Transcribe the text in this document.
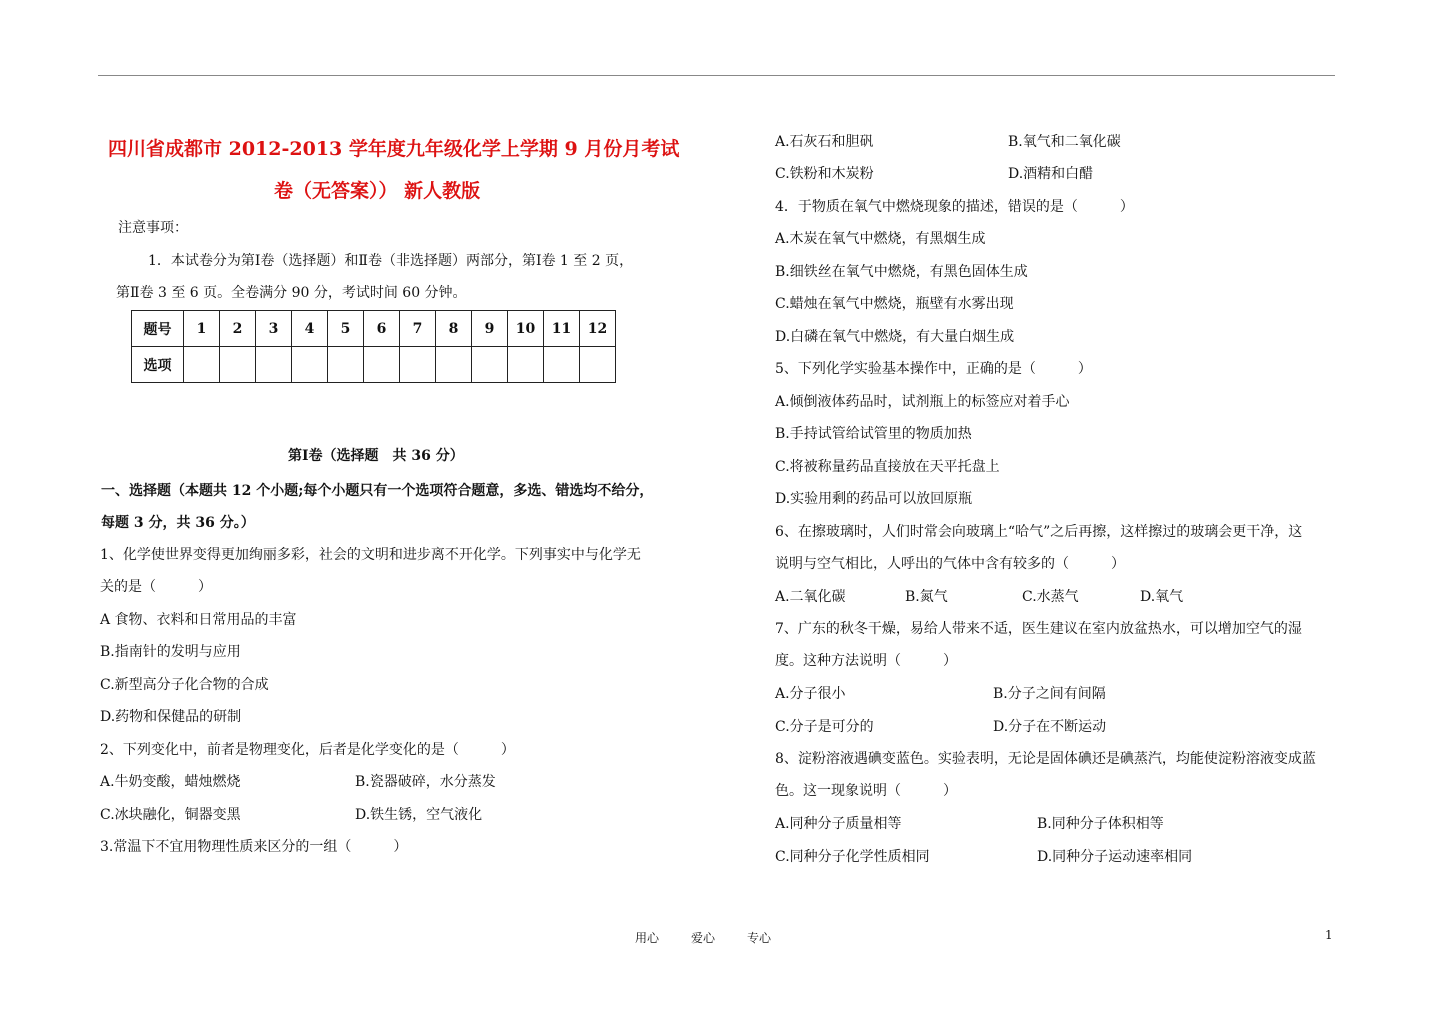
四川省成都市 2012-2013 学年度九年级化学上学期 9 月份月考试
卷（无答案）） 新人教版
注意事项：
1．本试卷分为第Ⅰ卷（选择题）和Ⅱ卷（非选择题）两部分，第Ⅰ卷 1 至 2 页，
第Ⅱ卷 3 至 6 页。全卷满分 90 分，考试时间 60 分钟。
题号	1	2	3	4	5	6	7	8	9	10	11	12
选项												
第Ⅰ卷（选择题　共 36 分）
一、选择题（本题共 12 个小题;每个小题只有一个选项符合题意，多选、错选均不给分，
每题 3 分，共 36 分。）
1、化学使世界变得更加绚丽多彩，社会的文明和进步离不开化学。下列事实中与化学无
关的是（　　　）
A 食物、衣料和日常用品的丰富
B.指南针的发明与应用
C.新型高分子化合物的合成
D.药物和保健品的研制
2、下列变化中，前者是物理变化，后者是化学变化的是（　　　）
A.牛奶变酸，蜡烛燃烧	B.瓷器破碎，水分蒸发
C.冰块融化，铜器变黑	D.铁生锈，空气液化
3.常温下不宜用物理性质来区分的一组（　　　）
A.石灰石和胆矾	B.氧气和二氧化碳
C.铁粉和木炭粉	D.酒精和白醋
4．于物质在氧气中燃烧现象的描述，错误的是（　　　）
A.木炭在氧气中燃烧，有黑烟生成
B.细铁丝在氧气中燃烧，有黑色固体生成
C.蜡烛在氧气中燃烧，瓶壁有水雾出现
D.白磷在氧气中燃烧，有大量白烟生成
5、下列化学实验基本操作中，正确的是（　　　）
A.倾倒液体药品时，试剂瓶上的标签应对着手心
B.手持试管给试管里的物质加热
C.将被称量药品直接放在天平托盘上
D.实验用剩的药品可以放回原瓶
6、在擦玻璃时，人们时常会向玻璃上“哈气”之后再擦，这样擦过的玻璃会更干净，这
说明与空气相比，人呼出的气体中含有较多的（　　　）
A.二氧化碳	B.氮气	C.水蒸气	D.氧气
7、广东的秋冬干燥，易给人带来不适，医生建议在室内放盆热水，可以增加空气的湿
度。这种方法说明（　　　）
A.分子很小	B.分子之间有间隔
C.分子是可分的	D.分子在不断运动
8、淀粉溶液遇碘变蓝色。实验表明，无论是固体碘还是碘蒸汽，均能使淀粉溶液变成蓝
色。这一现象说明（　　　）
A.同种分子质量相等	B.同种分子体积相等
C.同种分子化学性质相同	D.同种分子运动速率相同
用心	爱心	专心	1
